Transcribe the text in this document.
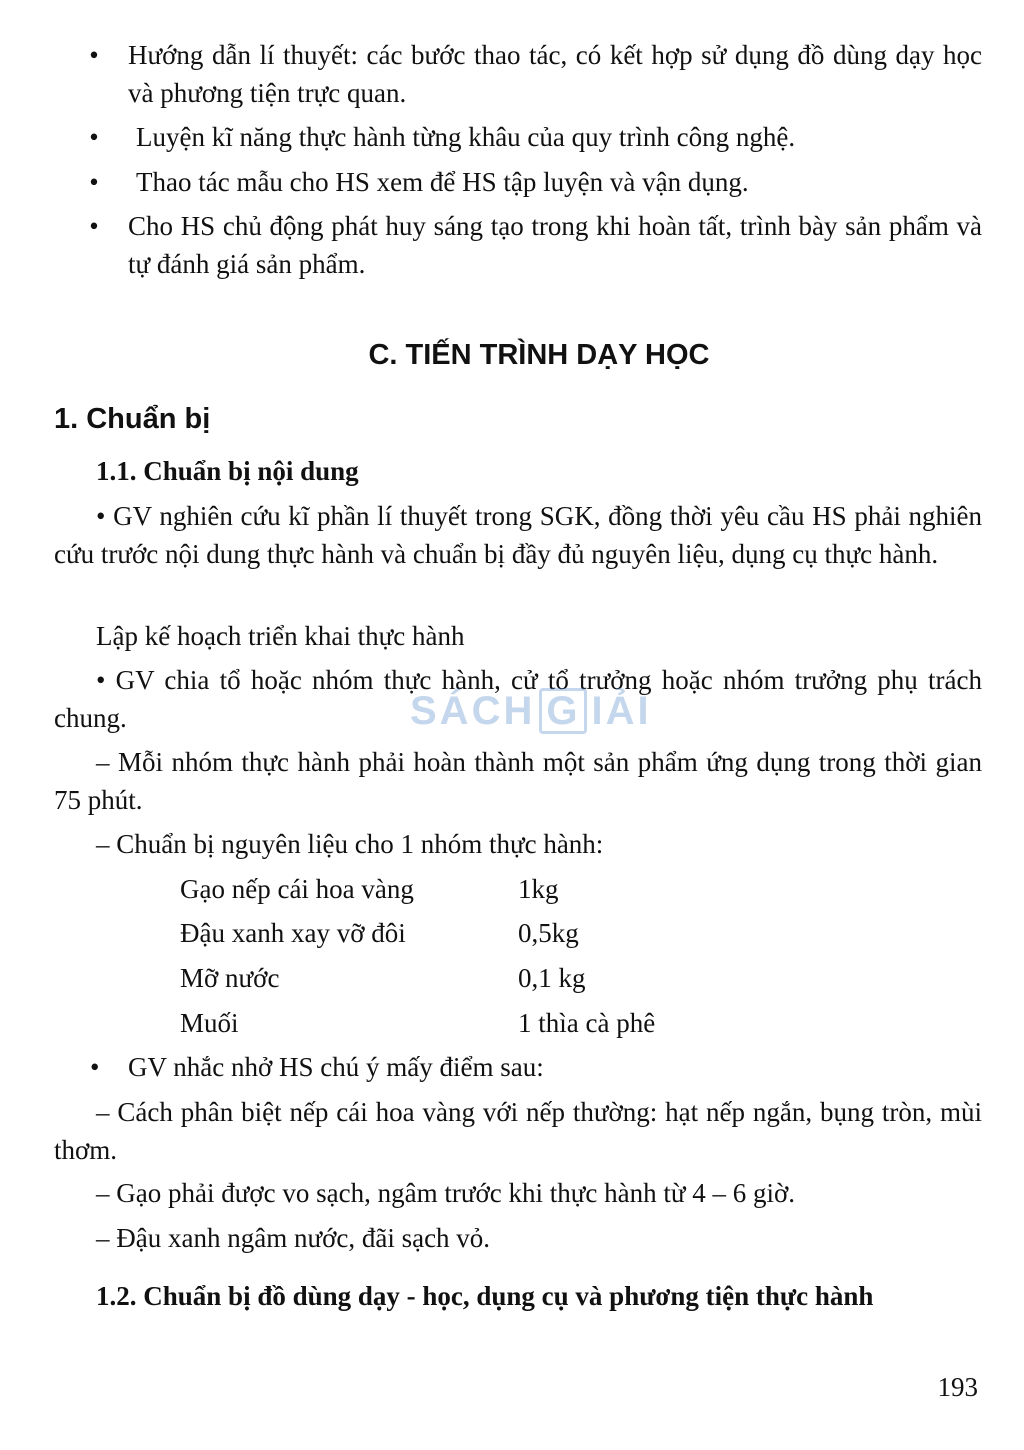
• Hướng dẫn lí thuyết: các bước thao tác, có kết hợp sử dụng đồ dùng dạy học và phương tiện trực quan.
• Luyện kĩ năng thực hành từng khâu của quy trình công nghệ.
• Thao tác mẫu cho HS xem để HS tập luyện và vận dụng.
• Cho HS chủ động phát huy sáng tạo trong khi hoàn tất, trình bày sản phẩm và tự đánh giá sản phẩm.
C. TIẾN TRÌNH DẠY HỌC
1. Chuẩn bị
1.1. Chuẩn bị nội dung
• GV nghiên cứu kĩ phần lí thuyết trong SGK, đồng thời yêu cầu HS phải nghiên cứu trước nội dung thực hành và chuẩn bị đầy đủ nguyên liệu, dụng cụ thực hành.
Lập kế hoạch triển khai thực hành
• GV chia tổ hoặc nhóm thực hành, cử tổ trưởng hoặc nhóm trưởng phụ trách chung.
– Mỗi nhóm thực hành phải hoàn thành một sản phẩm ứng dụng trong thời gian 75 phút.
– Chuẩn bị nguyên liệu cho 1 nhóm thực hành:
Gạo nếp cái hoa vàng	1kg
Đậu xanh xay vỡ đôi	0,5kg
Mỡ nước	0,1 kg
Muối	1 thìa cà phê
• GV nhắc nhở HS chú ý mấy điểm sau:
– Cách phân biệt nếp cái hoa vàng với nếp thường: hạt nếp ngắn, bụng tròn, mùi thơm.
– Gạo phải được vo sạch, ngâm trước khi thực hành từ 4 – 6 giờ.
– Đậu xanh ngâm nước, đãi sạch vỏ.
1.2. Chuẩn bị đồ dùng dạy - học, dụng cụ và phương tiện thực hành
SÁCH G IẢI
193
